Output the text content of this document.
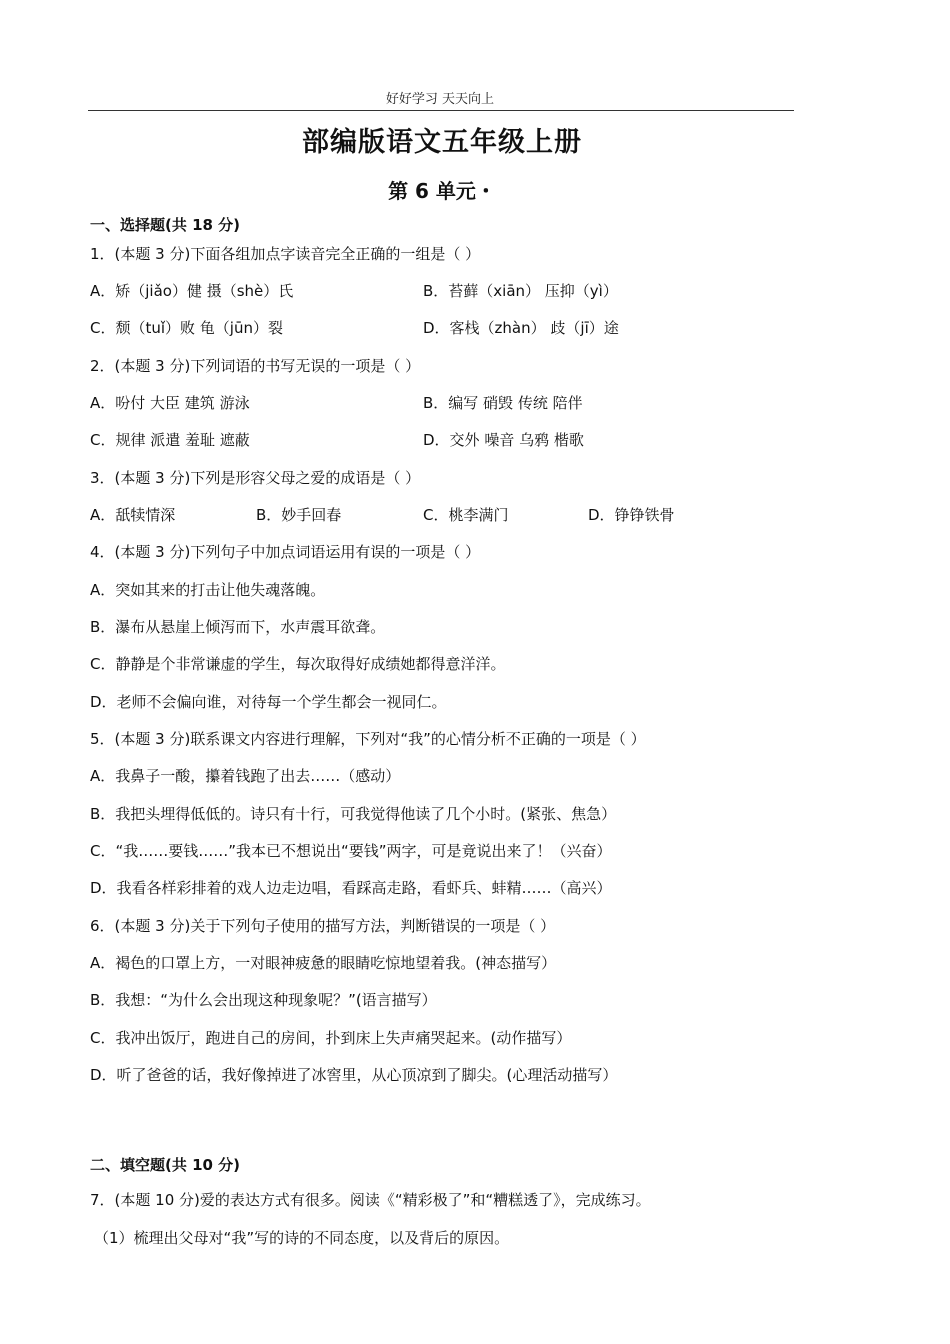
好好学习 天天向上
部编版语文五年级上册
第 6 单元・
一、选择题(共 18 分)
1．(本题 3 分)下面各组加点字读音完全正确的一组是（ ）
A．矫（jiǎo）健 摄（shè）氏	B．苔藓（xiān） 压抑（yì）
C．颓（tuǐ）败 龟（jūn）裂	D．客栈（zhàn） 歧（jī）途
2．(本题 3 分)下列词语的书写无误的一项是（ ）
A．吩付 大臣 建筑 游泳	B．编写 硝毁 传统 陪伴
C．规律 派遣 羞耻 遮蔽	D．交外 噪音 乌鸦 楷歌
3．(本题 3 分)下列是形容父母之爱的成语是（ ）
A．舐犊情深	B．妙手回春	C．桃李满门	D．铮铮铁骨
4．(本题 3 分)下列句子中加点词语运用有误的一项是（ ）
A．突如其来的打击让他失魂落魄。
B．瀑布从悬崖上倾泻而下，水声震耳欲聋。
C．静静是个非常谦虚的学生，每次取得好成绩她都得意洋洋。
D．老师不会偏向谁，对待每一个学生都会一视同仁。
5．(本题 3 分)联系课文内容进行理解，下列对“我”的心情分析不正确的一项是（ ）
A．我鼻子一酸，攥着钱跑了出去……（感动）
B．我把头埋得低低的。诗只有十行，可我觉得他读了几个小时。(紧张、焦急）
C．“我……要钱……”我本已不想说出“要钱”两字，可是竟说出来了！（兴奋）
D．我看各样彩排着的戏人边走边唱，看踩高走路，看虾兵、蚌精……（高兴）
6．(本题 3 分)关于下列句子使用的描写方法，判断错误的一项是（ ）
A．褐色的口罩上方，一对眼神疲惫的眼睛吃惊地望着我。(神态描写）
B．我想：“为什么会出现这种现象呢？”(语言描写）
C．我冲出饭厅，跑进自己的房间，扑到床上失声痛哭起来。(动作描写）
D．听了爸爸的话，我好像掉进了冰窖里，从心顶凉到了脚尖。(心理活动描写）
二、填空题(共 10 分)
7．(本题 10 分)爱的表达方式有很多。阅读《“精彩极了”和“糟糕透了》，完成练习。
（1）梳理出父母对“我”写的诗的不同态度，以及背后的原因。
